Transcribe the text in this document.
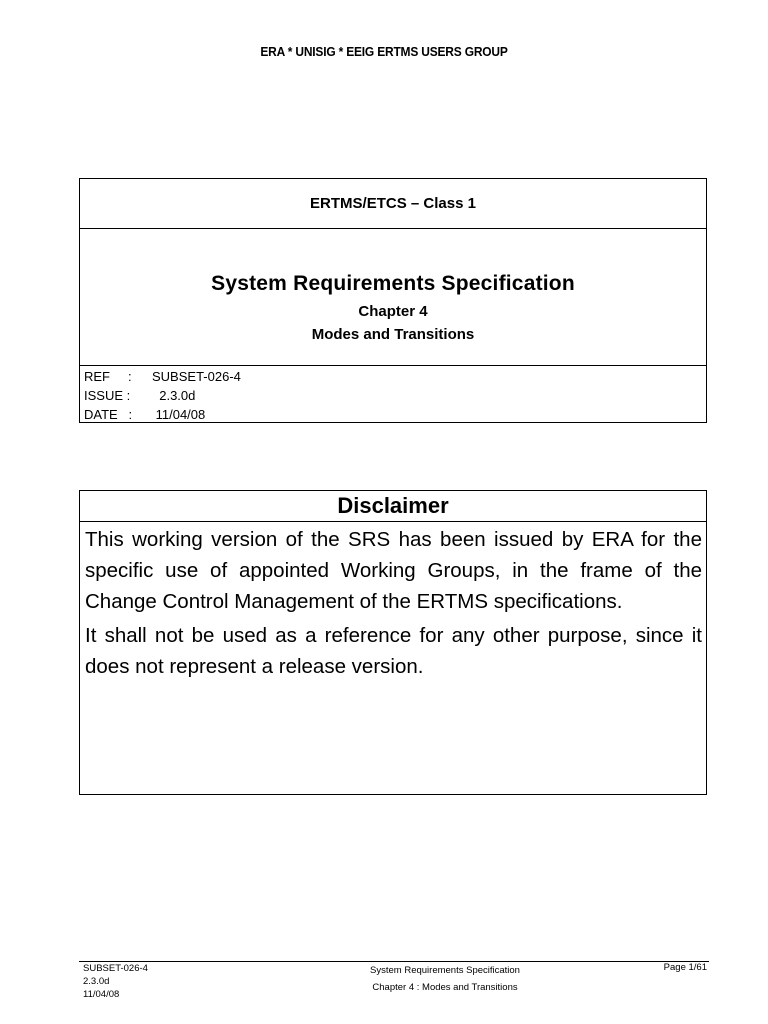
ERA * UNISIG * EEIG ERTMS USERS GROUP
ERTMS/ETCS – Class 1
System Requirements Specification
Chapter 4
Modes and Transitions
REF     :	SUBSET-026-4
ISSUE :	2.3.0d
DATE   :	11/04/08
Disclaimer

This working version of the SRS has been issued by ERA for the specific use of appointed Working Groups, in the frame of the Change Control Management of the ERTMS specifications.

It shall not be used as a reference for any other purpose, since it does not represent a release version.

SUBSET-026-4
2.3.0d
11/04/08
System Requirements Specification
Chapter 4 : Modes and Transitions
Page 1/61
